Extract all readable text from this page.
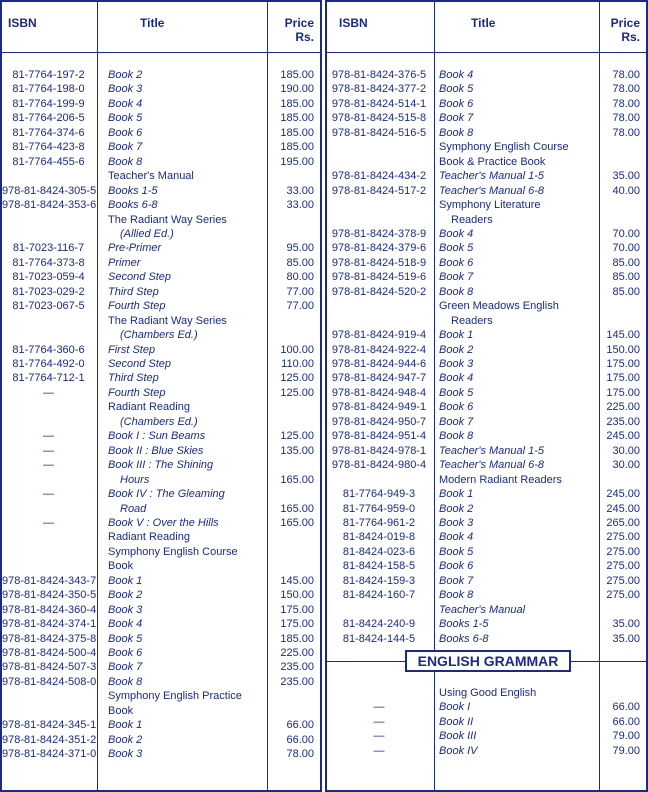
ISBN	Title	Price
Rs.
81-7764-197-2	Book 2	185.00
81-7764-198-0	Book 3	190.00
81-7764-199-9	Book 4	185.00
81-7764-206-5	Book 5	185.00
81-7764-374-6	Book 6	185.00
81-7764-423-8	Book 7	185.00
81-7764-455-6	Book 8	195.00
Teacher's Manual
978-81-8424-305-5 Books 1-5	33.00
978-81-8424-353-6 Books 6-8	33.00
The Radiant Way Series
(Allied Ed.)
81-7023-116-7	Pre-Primer	95.00
81-7764-373-8	Primer	85.00
81-7023-059-4	Second Step	80.00
81-7023-029-2	Third Step	77.00
81-7023-067-5	Fourth Step	77.00
The Radiant Way Series
(Chambers Ed.)
81-7764-360-6	First Step	100.00
81-7764-492-0	Second Step	110.00
81-7764-712-1	Third Step	125.00
—	Fourth Step	125.00
Radiant Reading
(Chambers Ed.)
—	Book I : Sun Beams	125.00
—	Book II : Blue Skies	135.00
—	Book III : The Shining
Hours	165.00
—	Book IV : The Gleaming
Road	165.00
—	Book V : Over the Hills	165.00
Radiant Reading
Symphony English Course
Book
978-81-8424-343-7 Book 1	145.00
978-81-8424-350-5 Book 2	150.00
978-81-8424-360-4 Book 3	175.00
978-81-8424-374-1 Book 4	175.00
978-81-8424-375-8 Book 5	185.00
978-81-8424-500-4 Book 6	225.00
978-81-8424-507-3 Book 7	235.00
978-81-8424-508-0 Book 8	235.00
Symphony English Practice
Book
978-81-8424-345-1 Book 1	66.00
978-81-8424-351-2 Book 2	66.00
978-81-8424-371-0 Book 3	78.00
ISBN	Title	Price
Rs.
978-81-8424-376-5	Book 4	78.00
978-81-8424-377-2	Book 5	78.00
978-81-8424-514-1	Book 6	78.00
978-81-8424-515-8	Book 7	78.00
978-81-8424-516-5	Book 8	78.00
Symphony English Course
Book & Practice Book
978-81-8424-434-2	Teacher's Manual 1-5	35.00
978-81-8424-517-2	Teacher's Manual 6-8	40.00
Symphony Literature
Readers
978-81-8424-378-9	Book 4	70.00
978-81-8424-379-6	Book 5	70.00
978-81-8424-518-9	Book 6	85.00
978-81-8424-519-6	Book 7	85.00
978-81-8424-520-2	Book 8	85.00
Green Meadows English
Readers
978-81-8424-919-4	Book 1	145.00
978-81-8424-922-4	Book 2	150.00
978-81-8424-944-6	Book 3	175.00
978-81-8424-947-7	Book 4	175.00
978-81-8424-948-4	Book 5	175.00
978-81-8424-949-1	Book 6	225.00
978-81-8424-950-7	Book 7	235.00
978-81-8424-951-4	Book 8	245.00
978-81-8424-978-1	Teacher's Manual 1-5	30.00
978-81-8424-980-4	Teacher's Manual 6-8	30.00
Modern Radiant Readers
81-7764-949-3	Book 1	245.00
81-7764-959-0	Book 2	245.00
81-7764-961-2	Book 3	265.00
81-8424-019-8	Book 4	275.00
81-8424-023-6	Book 5	275.00
81-8424-158-5	Book 6	275.00
81-8424-159-3	Book 7	275.00
81-8424-160-7	Book 8	275.00
Teacher's Manual
81-8424-240-9	Books 1-5	35.00
81-8424-144-5	Books 6-8	35.00
ENGLISH GRAMMAR
Using Good English
—	Book I	66.00
—	Book II	66.00
—	Book III	79.00
—	Book IV	79.00
